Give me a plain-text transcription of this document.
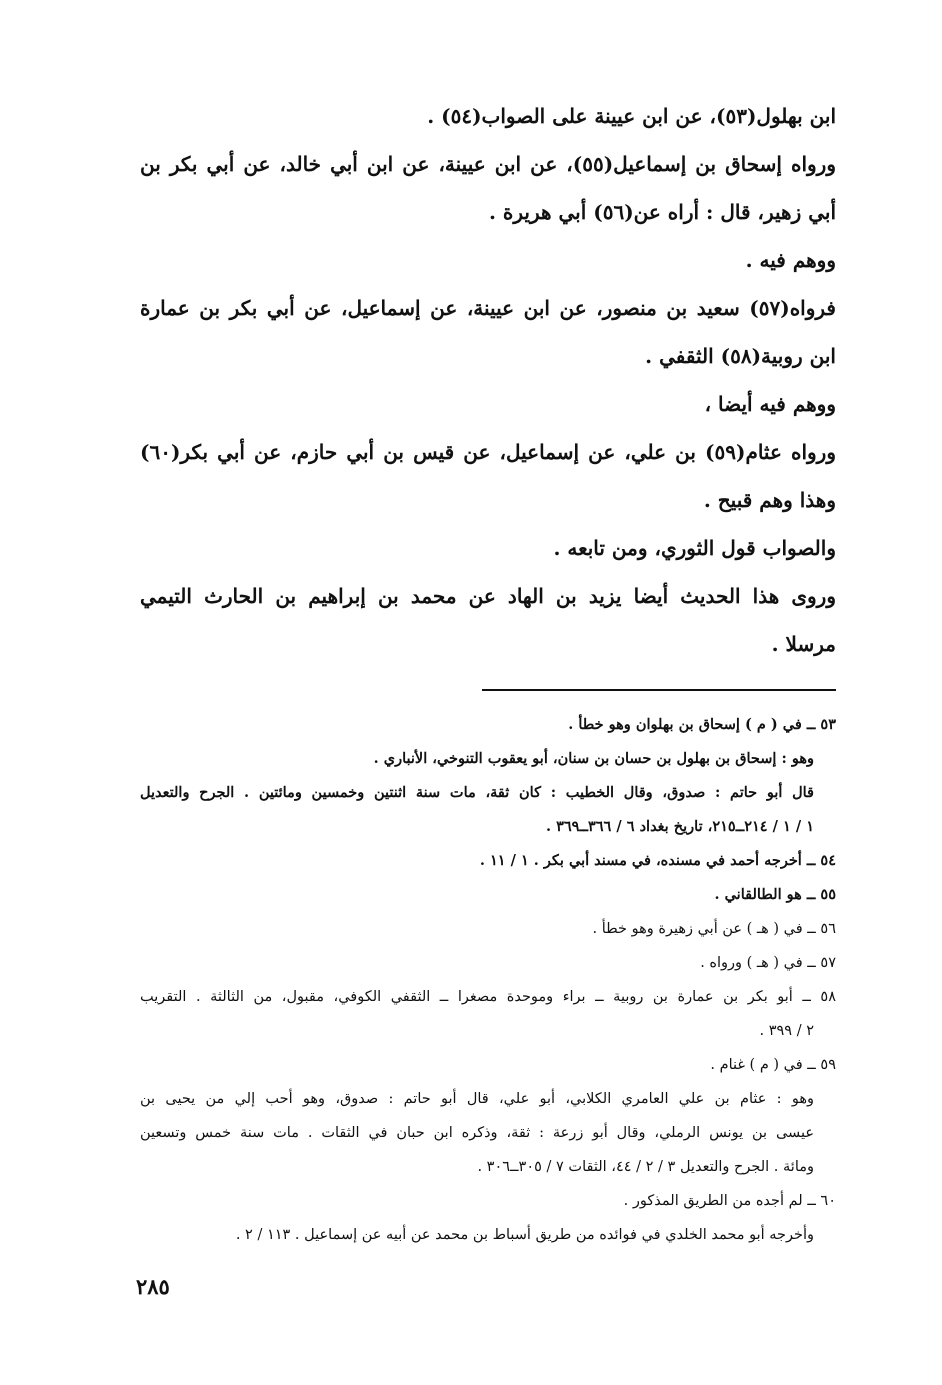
ابن بهلول(٥٣)، عن ابن عيينة على الصواب(٥٤) .
ورواه إسحاق بن إسماعيل(٥٥)، عن ابن عيينة، عن ابن أبي خالد، عن أبي بكر بن
أبي زهير، قال : أراه عن(٥٦) أبي هريرة .
ووهم فيه .
فرواه(٥٧) سعيد بن منصور، عن ابن عيينة، عن إسماعيل، عن أبي بكر بن عمارة
ابن روبية(٥٨) الثقفي .
ووهم فيه أيضا ،
ورواه عثام(٥٩) بن علي، عن إسماعيل، عن قيس بن أبي حازم، عن أبي بكر(٦٠)
وهذا وهم قبيح .
والصواب قول الثوري، ومن تابعه .
وروى هذا الحديث أيضا يزيد بن الهاد عن محمد بن إبراهيم بن الحارث التيمي
مرسلا .
٥٣ ــ في ( م ) إسحاق بن بهلوان وهو خطأ .
وهو : إسحاق بن بهلول بن حسان بن سنان، أبو يعقوب التنوخي، الأنباري .
قال أبو حاتم : صدوق، وقال الخطيب : كان ثقة، مات سنة اثنتين وخمسين ومائتين . الجرح والتعديل
١ / ١ / ٢١٤ــ٢١٥، تاريخ بغداد ٦ / ٣٦٦ــ٣٦٩ .
٥٤ ــ أخرجه أحمد في مسنده، في مسند أبي بكر . ١ / ١١ .
٥٥ ــ هو الطالقاني .
٥٦ ــ في ( هـ ) عن أبي زهيرة وهو خطأ .
٥٧ ــ في ( هـ ) ورواه .
٥٨ ــ أبو بكر بن عمارة بن روبية ــ براء وموحدة مصغرا ــ الثقفي الكوفي، مقبول، من الثالثة . التقريب
٢ / ٣٩٩ .
٥٩ ــ في ( م ) غنام .
وهو : عثام بن علي العامري الكلابي، أبو علي، قال أبو حاتم : صدوق، وهو أحب إلي من يحيى بن
عيسى بن يونس الرملي، وقال أبو زرعة : ثقة، وذكره ابن حبان في الثقات . مات سنة خمس وتسعين
ومائة . الجرح والتعديل ٣ / ٢ / ٤٤، الثقات ٧ / ٣٠٥ــ٣٠٦ .
٦٠ ــ لم أجده من الطريق المذكور .
وأخرجه أبو محمد الخلدي في فوائده من طريق أسباط بن محمد عن أبيه عن إسماعيل . ١١٣ / ٢ .
٢٨٥
